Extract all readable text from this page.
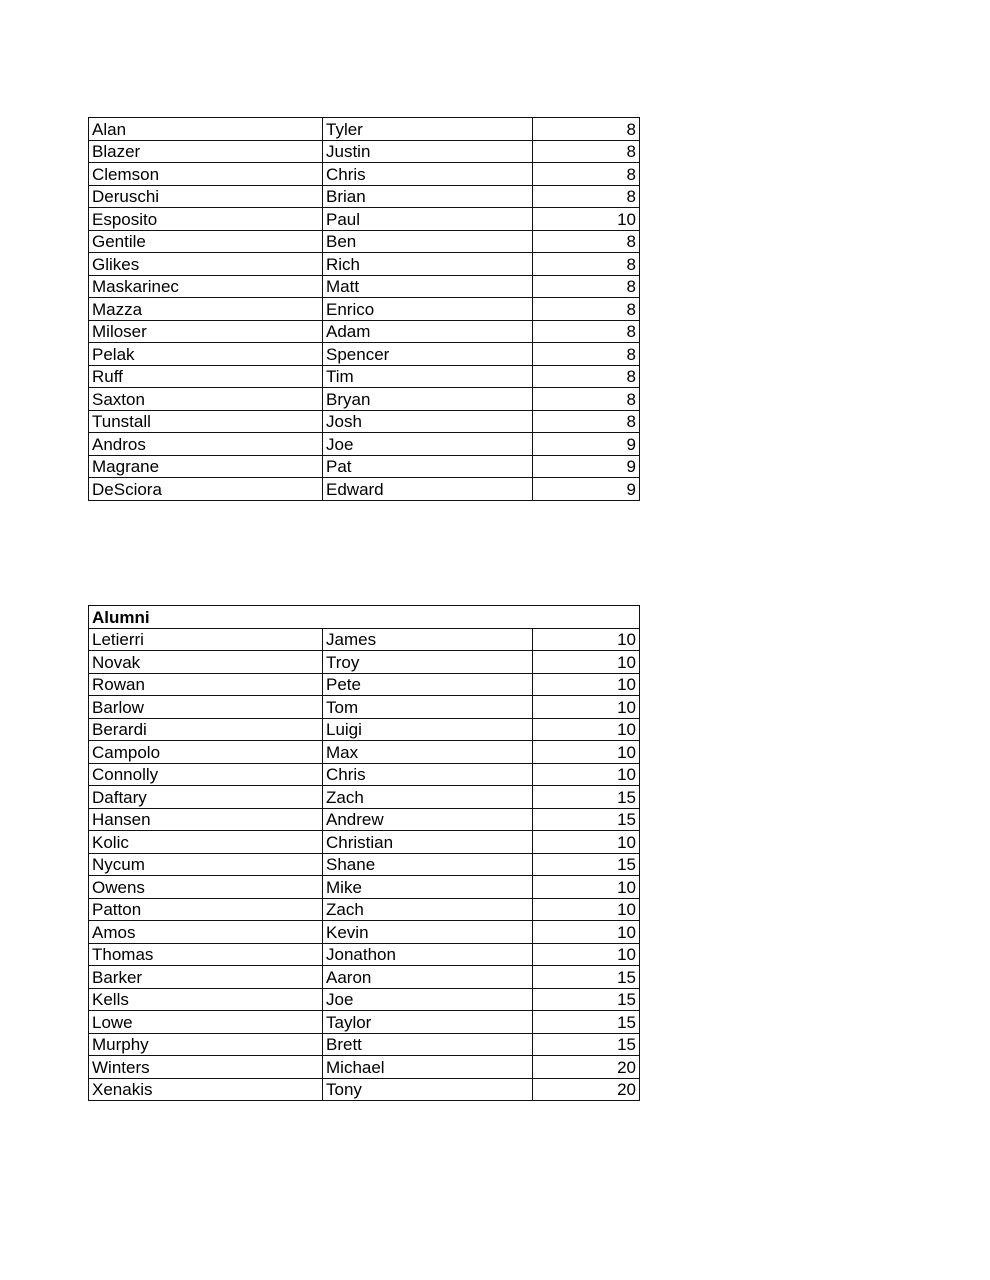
Alan	Tyler	8
Blazer	Justin	8
Clemson	Chris	8
Deruschi	Brian	8
Esposito	Paul	10
Gentile	Ben	8
Glikes	Rich	8
Maskarinec	Matt	8
Mazza	Enrico	8
Miloser	Adam	8
Pelak	Spencer	8
Ruff	Tim	8
Saxton	Bryan	8
Tunstall	Josh	8
Andros	Joe	9
Magrane	Pat	9
DeSciora	Edward	9
Alumni		
Letierri	James	10
Novak	Troy	10
Rowan	Pete	10
Barlow	Tom	10
Berardi	Luigi	10
Campolo	Max	10
Connolly	Chris	10
Daftary	Zach	15
Hansen	Andrew	15
Kolic	Christian	10
Nycum	Shane	15
Owens	Mike	10
Patton	Zach	10
Amos	Kevin	10
Thomas	Jonathon	10
Barker	Aaron	15
Kells	Joe	15
Lowe	Taylor	15
Murphy	Brett	15
Winters	Michael	20
Xenakis	Tony	20
